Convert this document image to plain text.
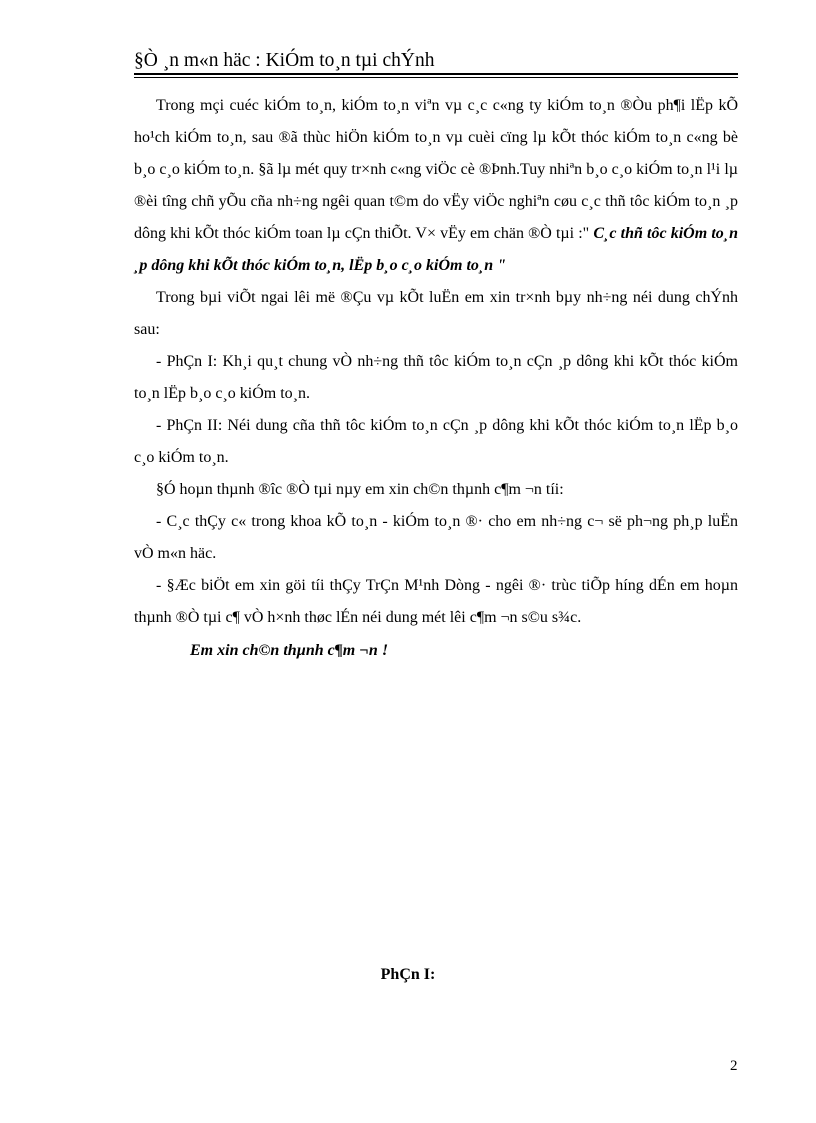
§Ò ¸n m«n häc : KiÓm to¸n tµi chÝnh

Trong mçi cuéc kiÓm to¸n, kiÓm to¸n viªn vµ c¸c c«ng ty kiÓm to¸n ®Òu ph¶i lËp kÕ ho¹ch kiÓm to¸n, sau ®ã thùc hiÖn kiÓm to¸n vµ cuèi cïng lµ kÕt thóc kiÓm to¸n c«ng bè b¸o c¸o kiÓm to¸n. §ã lµ mét quy tr×nh c«ng viÖc cè ®Þnh.Tuy nhiªn b¸o c¸o kiÓm to¸n l¹i lµ ®èi tîng chñ yÕu cña nh÷ng ngêi quan t©m do vËy viÖc nghiªn cøu c¸c thñ tôc kiÓm to¸n ¸p dông khi kÕt thóc kiÓm toan lµ cÇn thiÕt. V× vËy em chän ®Ò tµi :" C¸c thñ tôc kiÓm to¸n ¸p dông khi kÕt thóc kiÓm to¸n, lËp b¸o c¸o kiÓm to¸n "

Trong bµi viÕt ngai lêi më ®Çu vµ kÕt luËn em xin tr×nh bµy nh÷ng néi dung chÝnh sau:

- PhÇn I: Kh¸i qu¸t chung vÒ nh÷ng thñ tôc kiÓm to¸n cÇn ¸p dông khi kÕt thóc kiÓm to¸n lËp b¸o c¸o kiÓm to¸n.

- PhÇn II: Néi dung cña thñ tôc kiÓm to¸n cÇn ¸p dông khi kÕt thóc kiÓm to¸n lËp b¸o c¸o kiÓm to¸n.

§Ó hoµn thµnh ®îc ®Ò tµi nµy em xin ch©n thµnh c¶m ¬n tíi:

- C¸c thÇy c« trong khoa kÕ to¸n - kiÓm to¸n ®· cho em nh÷ng c¬ së ph¬ng ph¸p luËn vÒ m«n häc.

- §Æc biÖt em xin göi tíi thÇy TrÇn M¹nh Dòng - ngêi ®· trùc tiÕp híng dÉn em hoµn thµnh ®Ò tµi c¶ vÒ h×nh thøc lÉn néi dung mét lêi c¶m ¬n s©u s¾c.

Em xin ch©n thµnh c¶m ¬n !

PhÇn I:
2
